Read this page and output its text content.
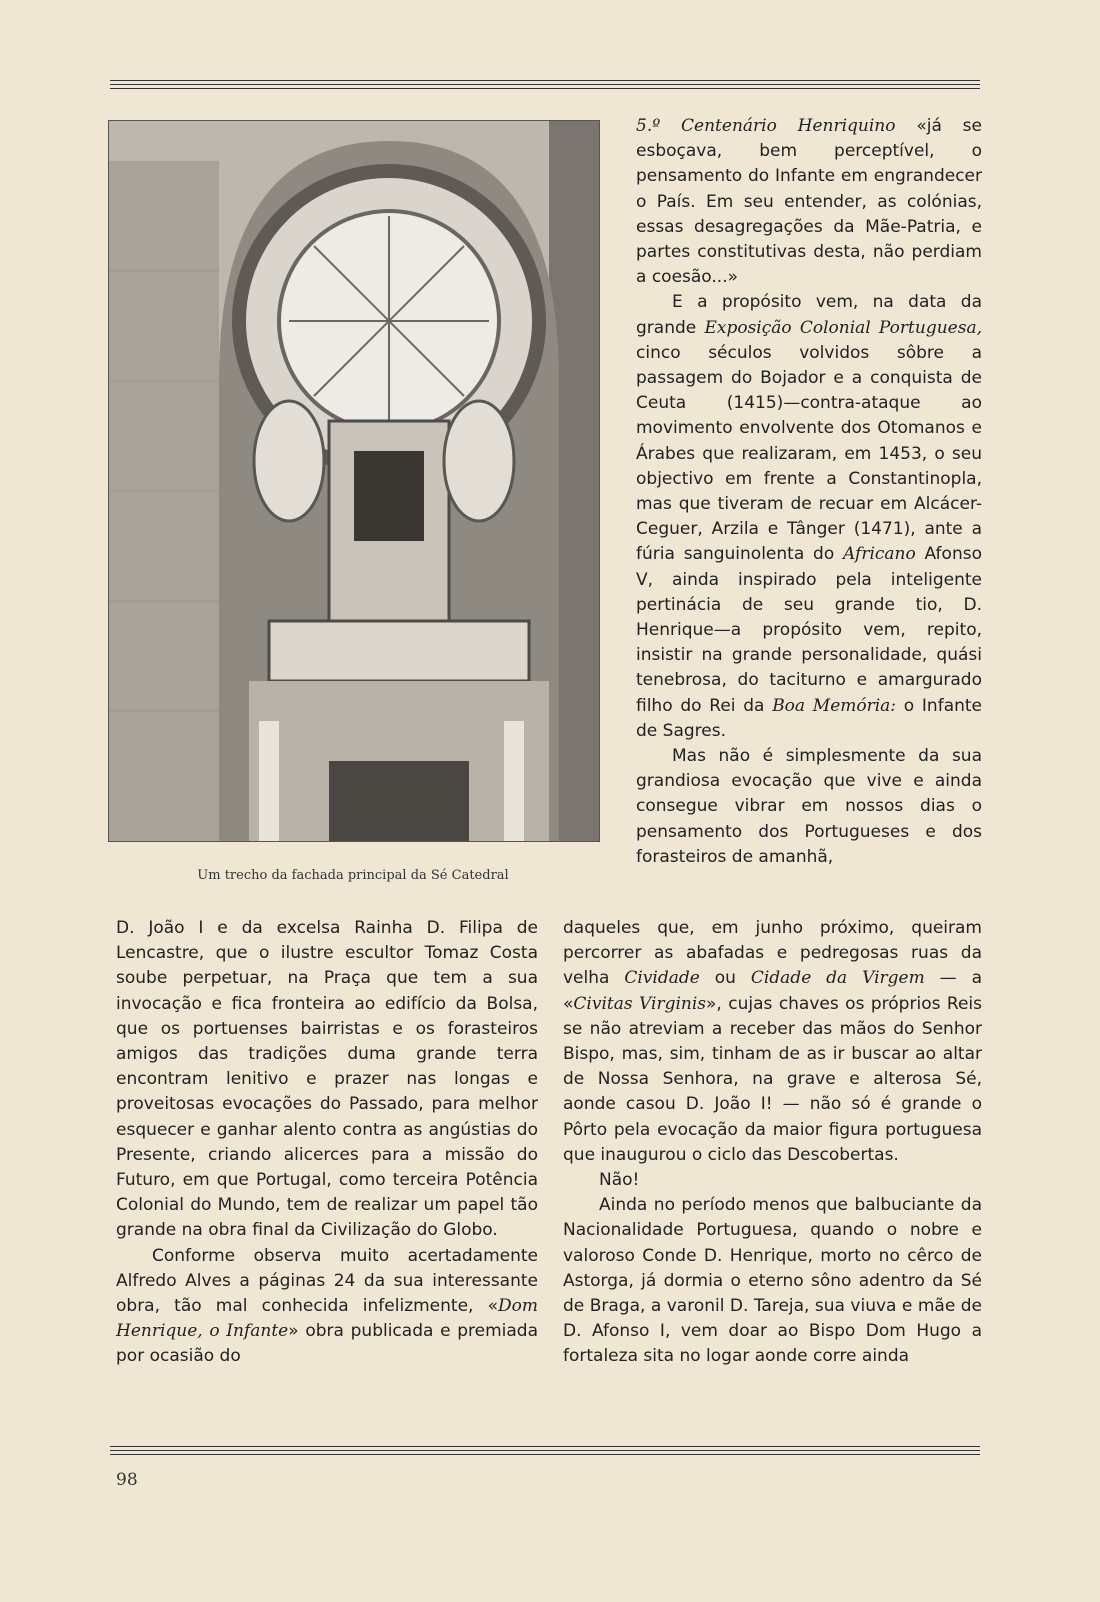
Um trecho da fachada principal da Sé Catedral

5.º Centenário Henriquino «já se esboçava, bem perceptível, o pensamento do Infante em engrandecer o País. Em seu entender, as colónias, essas desagregações da Mãe-Patria, e partes constitutivas desta, não perdiam a coesão...»

E a propósito vem, na data da grande Exposição Colonial Portuguesa, cinco séculos volvidos sôbre a passagem do Bojador e a conquista de Ceuta (1415)—contra-ataque ao movimento envolvente dos Otomanos e Árabes que realizaram, em 1453, o seu objectivo em frente a Constantinopla, mas que tiveram de recuar em Alcácer-Ceguer, Arzila e Tânger (1471), ante a fúria sanguinolenta do Africano Afonso V, ainda inspirado pela inteligente pertinácia de seu grande tio, D. Henrique—a propósito vem, repito, insistir na grande personalidade, quási tenebrosa, do taciturno e amargurado filho do Rei da Boa Memória: o Infante de Sagres.

Mas não é simplesmente da sua grandiosa evocação que vive e ainda consegue vibrar em nossos dias o pensamento dos Portugueses e dos forasteiros de amanhã,

D. João I e da excelsa Rainha D. Filipa de Lencastre, que o ilustre escultor Tomaz Costa soube perpetuar, na Praça que tem a sua invocação e fica fronteira ao edifício da Bolsa, que os portuenses bairristas e os forasteiros amigos das tradições duma grande terra encontram lenitivo e prazer nas longas e proveitosas evocações do Passado, para melhor esquecer e ganhar alento contra as angústias do Presente, criando alicerces para a missão do Futuro, em que Portugal, como terceira Potência Colonial do Mundo, tem de realizar um papel tão grande na obra final da Civilização do Globo.

Conforme observa muito acertadamente Alfredo Alves a páginas 24 da sua interessante obra, tão mal conhecida infelizmente, «Dom Henrique, o Infante» obra publicada e premiada por ocasião do

daqueles que, em junho próximo, queiram percorrer as abafadas e pedregosas ruas da velha Cividade ou Cidade da Virgem — a «Civitas Virginis», cujas chaves os próprios Reis se não atreviam a receber das mãos do Senhor Bispo, mas, sim, tinham de as ir buscar ao altar de Nossa Senhora, na grave e alterosa Sé, aonde casou D. João I! — não só é grande o Pôrto pela evocação da maior figura portuguesa que inaugurou o ciclo das Descobertas.

Não!

Ainda no período menos que balbuciante da Nacionalidade Portuguesa, quando o nobre e valoroso Conde D. Henrique, morto no cêrco de Astorga, já dormia o eterno sôno adentro da Sé de Braga, a varonil D. Tareja, sua viuva e mãe de D. Afonso I, vem doar ao Bispo Dom Hugo a fortaleza sita no logar aonde corre ainda

98
